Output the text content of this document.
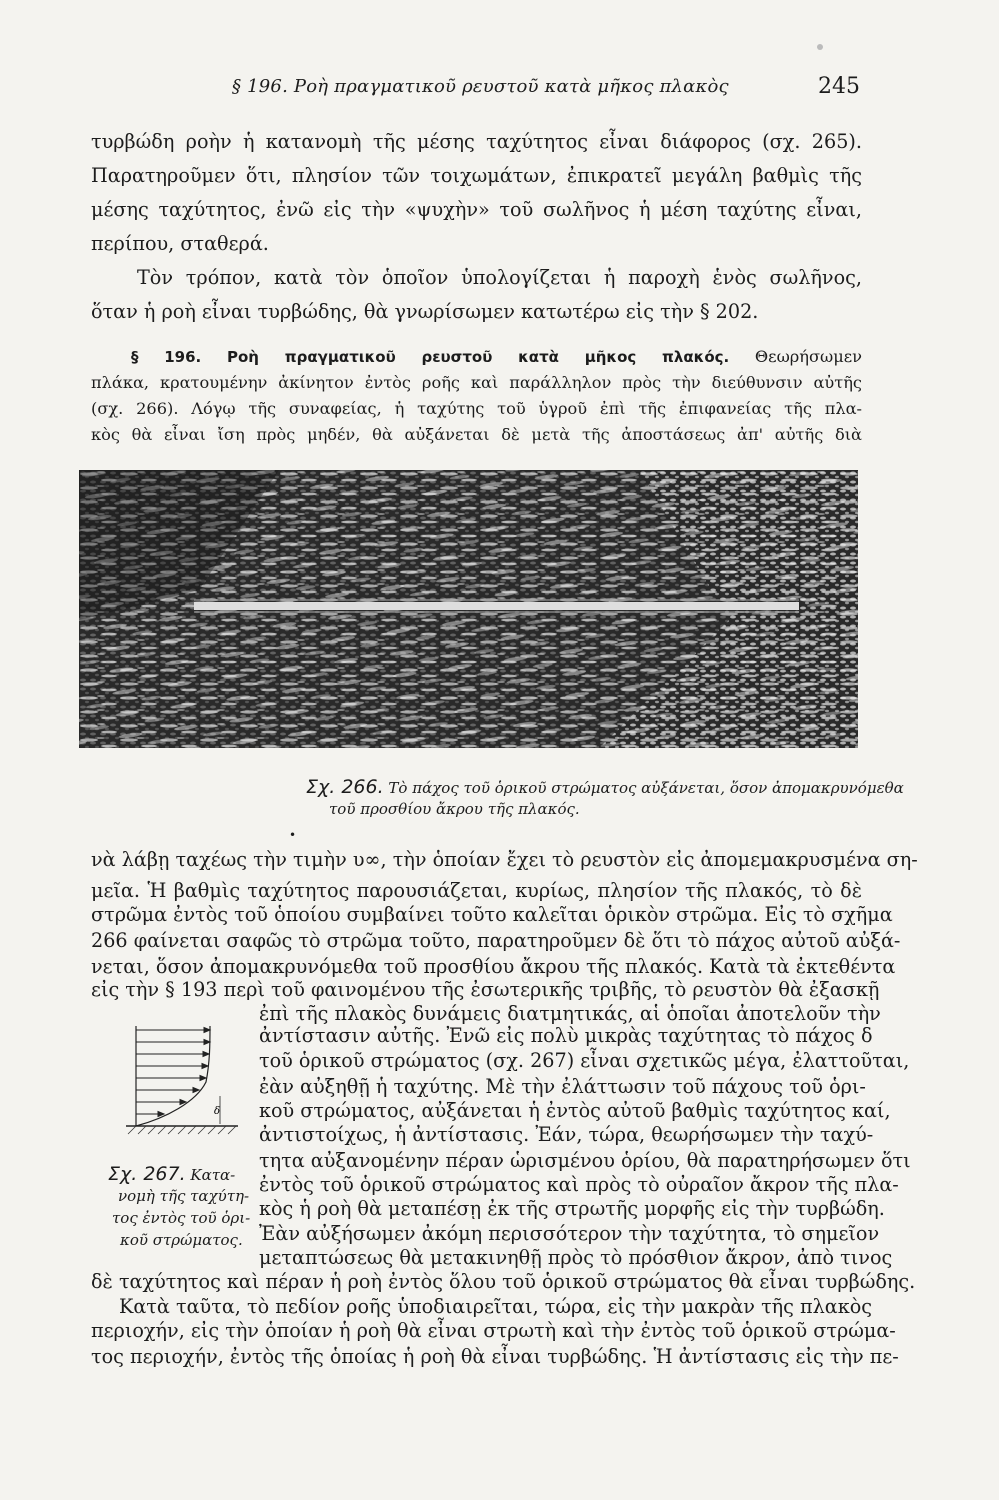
§ 196. Ροὴ πραγματικοῦ ρευστοῦ κατὰ μῆκος πλακὸς	245
τυρβώδη ροὴν ἡ κατανομὴ τῆς μέσης ταχύτητος εἶναι διάφορος (σχ. 265).
Παρατηροῦμεν ὅτι, πλησίον τῶν τοιχωμάτων, ἐπικρατεῖ μεγάλη βαθμὶς τῆς
μέσης ταχύτητος, ἐνῶ εἰς τὴν «ψυχὴν» τοῦ σωλῆνος ἡ μέση ταχύτης εἶναι,
περίπου, σταθερά.
Τὸν τρόπον, κατὰ τὸν ὁποῖον ὑπολογίζεται ἡ παροχὴ ἑνὸς σωλῆνος,
ὅταν ἡ ροὴ εἶναι τυρβώδης, θὰ γνωρίσωμεν κατωτέρω εἰς τὴν § 202.
§ 196. Ροὴ πραγματικοῦ ρευστοῦ κατὰ μῆκος πλακός. Θεωρήσωμεν
πλάκα, κρατουμένην ἀκίνητον ἐντὸς ροῆς καὶ παράλληλον πρὸς τὴν διεύθυνσιν αὐτῆς
(σχ. 266). Λόγῳ τῆς συναφείας, ἡ ταχύτης τοῦ ὑγροῦ ἐπὶ τῆς ἐπιφανείας τῆς πλα-
κὸς θὰ εἶναι ἴση πρὸς μηδέν, θὰ αὐξάνεται δὲ μετὰ τῆς ἀποστάσεως ἀπ' αὐτῆς διὰ
Σχ. 266. Τὸ πάχος τοῦ ὁρικοῦ στρώματος αὐξάνεται, ὅσον ἀπομακρυνόμεθα
τοῦ προσθίου ἄκρου τῆς πλακός.
•
νὰ λάβῃ ταχέως τὴν τιμὴν υ∞, τὴν ὁποίαν ἔχει τὸ ρευστὸν εἰς ἀπομεμακρυσμένα ση-
μεῖα. Ἡ βαθμὶς ταχύτητος παρουσιάζεται, κυρίως, πλησίον τῆς πλακός, τὸ δὲ
στρῶμα ἐντὸς τοῦ ὁποίου συμβαίνει τοῦτο καλεῖται ὁρικὸν στρῶμα. Εἰς τὸ σχῆμα
266 φαίνεται σαφῶς τὸ στρῶμα τοῦτο, παρατηροῦμεν δὲ ὅτι τὸ πάχος αὐτοῦ αὐξά-
νεται, ὅσον ἀπομακρυνόμεθα τοῦ προσθίου ἄκρου τῆς πλακός. Κατὰ τὰ ἐκτεθέντα
εἰς τὴν § 193 περὶ τοῦ φαινομένου τῆς ἐσωτερικῆς τριβῆς, τὸ ρευστὸν θὰ ἐξασκῇ
ἐπὶ τῆς πλακὸς δυνάμεις διατμητικάς, αἱ ὁποῖαι ἀποτελοῦν τὴν
ἀντίστασιν αὐτῆς. Ἐνῶ εἰς πολὺ μικρὰς ταχύτητας τὸ πάχος δ
τοῦ ὁρικοῦ στρώματος (σχ. 267) εἶναι σχετικῶς μέγα, ἐλαττοῦται,
ἐὰν αὐξηθῇ ἡ ταχύτης. Μὲ τὴν ἐλάττωσιν τοῦ πάχους τοῦ ὁρι-
κοῦ στρώματος, αὐξάνεται ἡ ἐντὸς αὐτοῦ βαθμὶς ταχύτητος καί,
ἀντιστοίχως, ἡ ἀντίστασις. Ἐάν, τώρα, θεωρήσωμεν τὴν ταχύ-
τητα αὐξανομένην πέραν ὡρισμένου ὁρίου, θὰ παρατηρήσωμεν ὅτι
ἐντὸς τοῦ ὁρικοῦ στρώματος καὶ πρὸς τὸ οὐραῖον ἄκρον τῆς πλα-
κὸς ἡ ροὴ θὰ μεταπέσῃ ἐκ τῆς στρωτῆς μορφῆς εἰς τὴν τυρβώδη.
Ἐὰν αὐξήσωμεν ἀκόμη περισσότερον τὴν ταχύτητα, τὸ σημεῖον
μεταπτώσεως θὰ μετακινηθῇ πρὸς τὸ πρόσθιον ἄκρον, ἀπὸ τινος
δὲ ταχύτητος καὶ πέραν ἡ ροὴ ἐντὸς ὅλου τοῦ ὁρικοῦ στρώματος θὰ εἶναι τυρβώδης.
Κατὰ ταῦτα, τὸ πεδίον ροῆς ὑποδιαιρεῖται, τώρα, εἰς τὴν μακρὰν τῆς πλακὸς
περιοχήν, εἰς τὴν ὁποίαν ἡ ροὴ θὰ εἶναι στρωτὴ καὶ τὴν ἐντὸς τοῦ ὁρικοῦ στρώμα-
τος περιοχήν, ἐντὸς τῆς ὁποίας ἡ ροὴ θὰ εἶναι τυρβώδης. Ἡ ἀντίστασις εἰς τὴν πε-
δ
Σχ. 267. Κατα-
νομὴ τῆς ταχύτη-
τος ἐντὸς τοῦ ὁρι-
κοῦ στρώματος.
